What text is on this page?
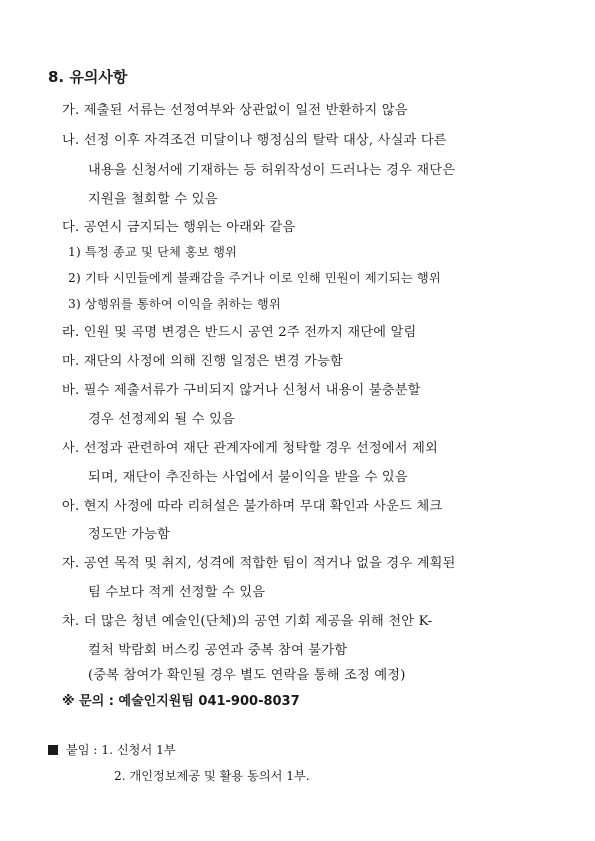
8. 유의사항
가. 제출된 서류는 선정여부와 상관없이 일전 반환하지 않음
나. 선정 이후 자격조건 미달이나 행정심의 탈락 대상, 사실과 다른
내용을 신청서에 기재하는 등 허위작성이 드러나는 경우 재단은
지원을 철회할 수 있음
다. 공연시 금지되는 행위는 아래와 같음
1) 특정 종교 및 단체 홍보 행위
2) 기타 시민들에게 불쾌감을 주거나 이로 인해 민원이 제기되는 행위
3) 상행위를 통하여 이익을 취하는 행위
라. 인원 및 곡명 변경은 반드시 공연 2주 전까지 재단에 알림
마. 재단의 사정에 의해 진행 일정은 변경 가능함
바. 필수 제출서류가 구비되지 않거나 신청서 내용이 불충분할
경우 선정제외 될 수 있음
사. 선정과 관련하여 재단 관계자에게 청탁할 경우 선정에서 제외
되며, 재단이 추진하는 사업에서 불이익을 받을 수 있음
아. 현지 사정에 따라 리허설은 불가하며 무대 확인과 사운드 체크
정도만 가능함
자. 공연 목적 및 취지, 성격에 적합한 팀이 적거나 없을 경우 계획된
팀 수보다 적게 선정할 수 있음
차. 더 많은 청년 예술인(단체)의 공연 기회 제공을 위해 천안 K-
컬처 박람회 버스킹 공연과 중복 참여 불가함
(중복 참여가 확인될 경우 별도 연락을 통해 조정 예정)
※ 문의 : 예술인지원팀 041-900-8037
붙임 : 1. 신청서 1부
2. 개인정보제공 및 활용 동의서 1부.
